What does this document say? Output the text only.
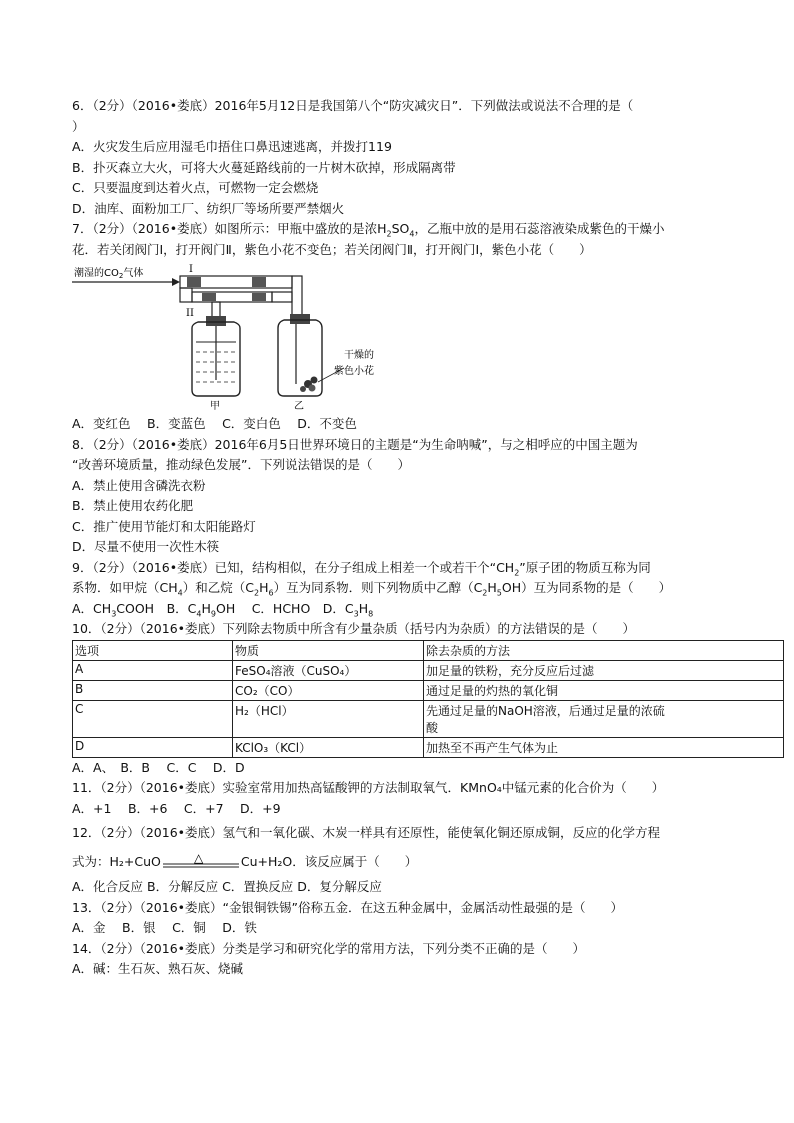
6．（2分）（2016•娄底）2016年5月12日是我国第八个“防灾减灾日”．下列做法或说法不合理的是（
）
A．火灾发生后应用湿毛巾捂住口鼻迅速逃离，并拨打119
B．扑灭森立大火，可将大火蔓延路线前的一片树木砍掉，形成隔离带
C．只要温度到达着火点，可燃物一定会燃烧
D．油库、面粉加工厂、纺织厂等场所要严禁烟火
7．（2分）（2016•娄底）如图所示：甲瓶中盛放的是浓$H_2SO_4$，乙瓶中放的是用石蕊溶液染成紫色的干燥小
花．若关闭阀门Ⅰ，打开阀门Ⅱ，紫色小花不变色；若关闭阀门Ⅱ，打开阀门Ⅰ，紫色小花（　　）
潮湿的$CO_2$气体	I
II
甲	乙
干燥的
紫色小花
A．变红色　 B．变蓝色　 C．变白色　 D．不变色
8．（2分）（2016•娄底）2016年6月5日世界环境日的主题是“为生命呐喊”，与之相呼应的中国主题为
“改善环境质量，推动绿色发展”．下列说法错误的是（　　）
A．禁止使用含磷洗衣粉
B．禁止使用农药化肥
C．推广使用节能灯和太阳能路灯
D．尽量不使用一次性木筷
9．（2分）（2016•娄底）已知，结构相似，在分子组成上相差一个或若干个“$CH_2$”原子团的物质互称为同
系物．如甲烷$(CH_4)$和乙烷$(C_2H_6)$互为同系物．则下列物质中乙醇$(C_2H_5OH)$互为同系物的是（　　）
A．$CH_3COOH$　B．$C_4H_9OH$　 C．HCHO　D．$C_3H_8$
10．（2分）（2016•娄底）下列除去物质中所含有少量杂质（括号内为杂质）的方法错误的是（　　）
选项	物质	除去杂质的方法
A	FeSO₄溶液（CuSO₄）	加足量的铁粉，充分反应后过滤
B	CO₂（CO）	通过足量的灼热的氧化铜
C	H₂（HCl）	先通过足量的NaOH溶液，后通过足量的浓硫
酸

D	KClO₃（KCl）	加热至不再产生气体为止
A．A、　B．B　 C．C　 D．D
11．（2分）（2016•娄底）实验室常用加热高锰酸钾的方法制取氧气．KMnO₄中锰元素的化合价为（　　）
A．+1　 B．+6　 C．+7　 D．+9
12．（2分）（2016•娄底）氢气和一氧化碳、木炭一样具有还原性，能使氧化铜还原成铜，反应的化学方程
式为：H₂+CuO	△	Cu+H₂O．该反应属于（　　）
A．化合反应 B．分解反应 C．置换反应 D．复分解反应
13．（2分）（2016•娄底）“金银铜铁锡”俗称五金．在这五种金属中，金属活动性最强的是（　　）
A．金　 B．银　 C．铜　 D．铁
14．（2分）（2016•娄底）分类是学习和研究化学的常用方法，下列分类不正确的是（　　）
A．碱：生石灰、熟石灰、烧碱
